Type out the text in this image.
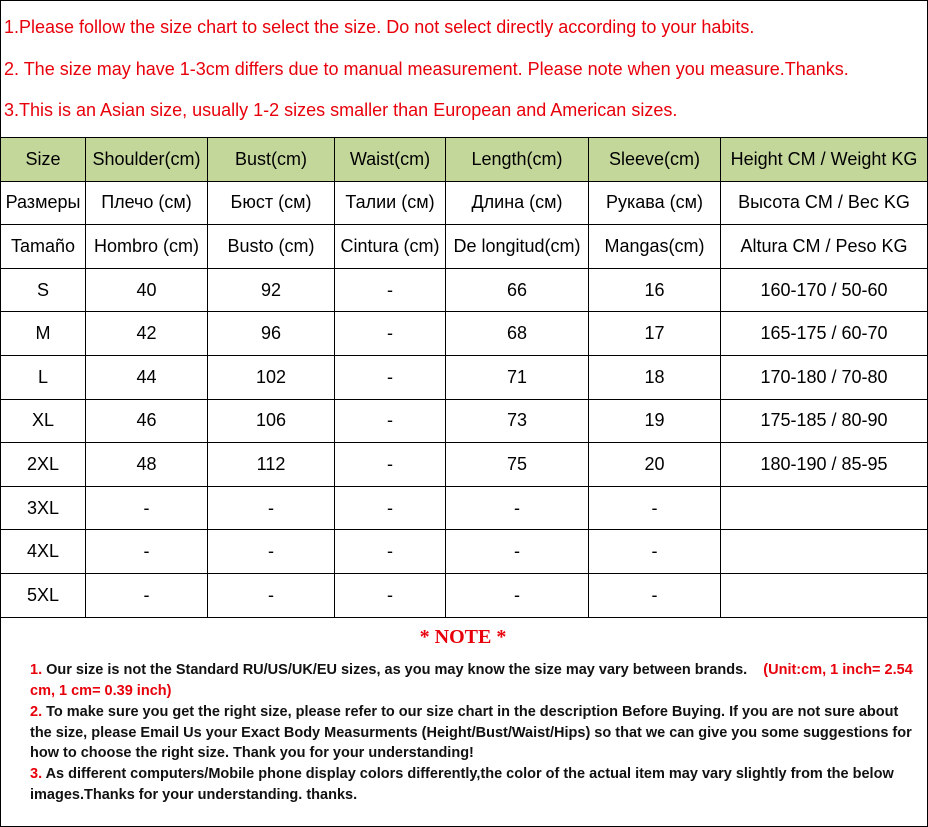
1.Please follow the size chart to select the size. Do not select directly according to your habits.
2. The size may have 1-3cm differs due to manual measurement. Please note when you measure.Thanks.
3.This is an Asian size, usually 1-2 sizes smaller than European and American sizes.
Size	Shoulder(cm)	Bust(cm)	Waist(cm)	Length(cm)	Sleeve(cm)	Height CM / Weight KG
Размеры	Плечо (см)	Бюст (см)	Талии (см)	Длина (см)	Рукава (см)	Высота CM / Вес KG
Tamaño	Hombro (cm)	Busto (cm)	Cintura (cm)	De longitud(cm)	Mangas(cm)	Altura CM / Peso KG
S	40	92	-	66	16	160-170 / 50-60
M	42	96	-	68	17	165-175 / 60-70
L	44	102	-	71	18	170-180 / 70-80
XL	46	106	-	73	19	175-185 / 80-90
2XL	48	112	-	75	20	180-190 / 85-95
3XL	-	-	-	-	-	
4XL	-	-	-	-	-	
5XL	-	-	-	-	-	
* NOTE *
1. Our size is not the Standard RU/US/UK/EU sizes, as you may know the size may vary between brands. (Unit:cm, 1 inch= 2.54 cm, 1 cm= 0.39 inch)
2. To make sure you get the right size, please refer to our size chart in the description Before Buying. If you are not sure about the size, please Email Us your Exact Body Measurments (Height/Bust/Waist/Hips) so that we can give you some suggestions for how to choose the right size. Thank you for your understanding!
3. As different computers/Mobile phone display colors differently,the color of the actual item may vary slightly from the below images.Thanks for your understanding. thanks.
